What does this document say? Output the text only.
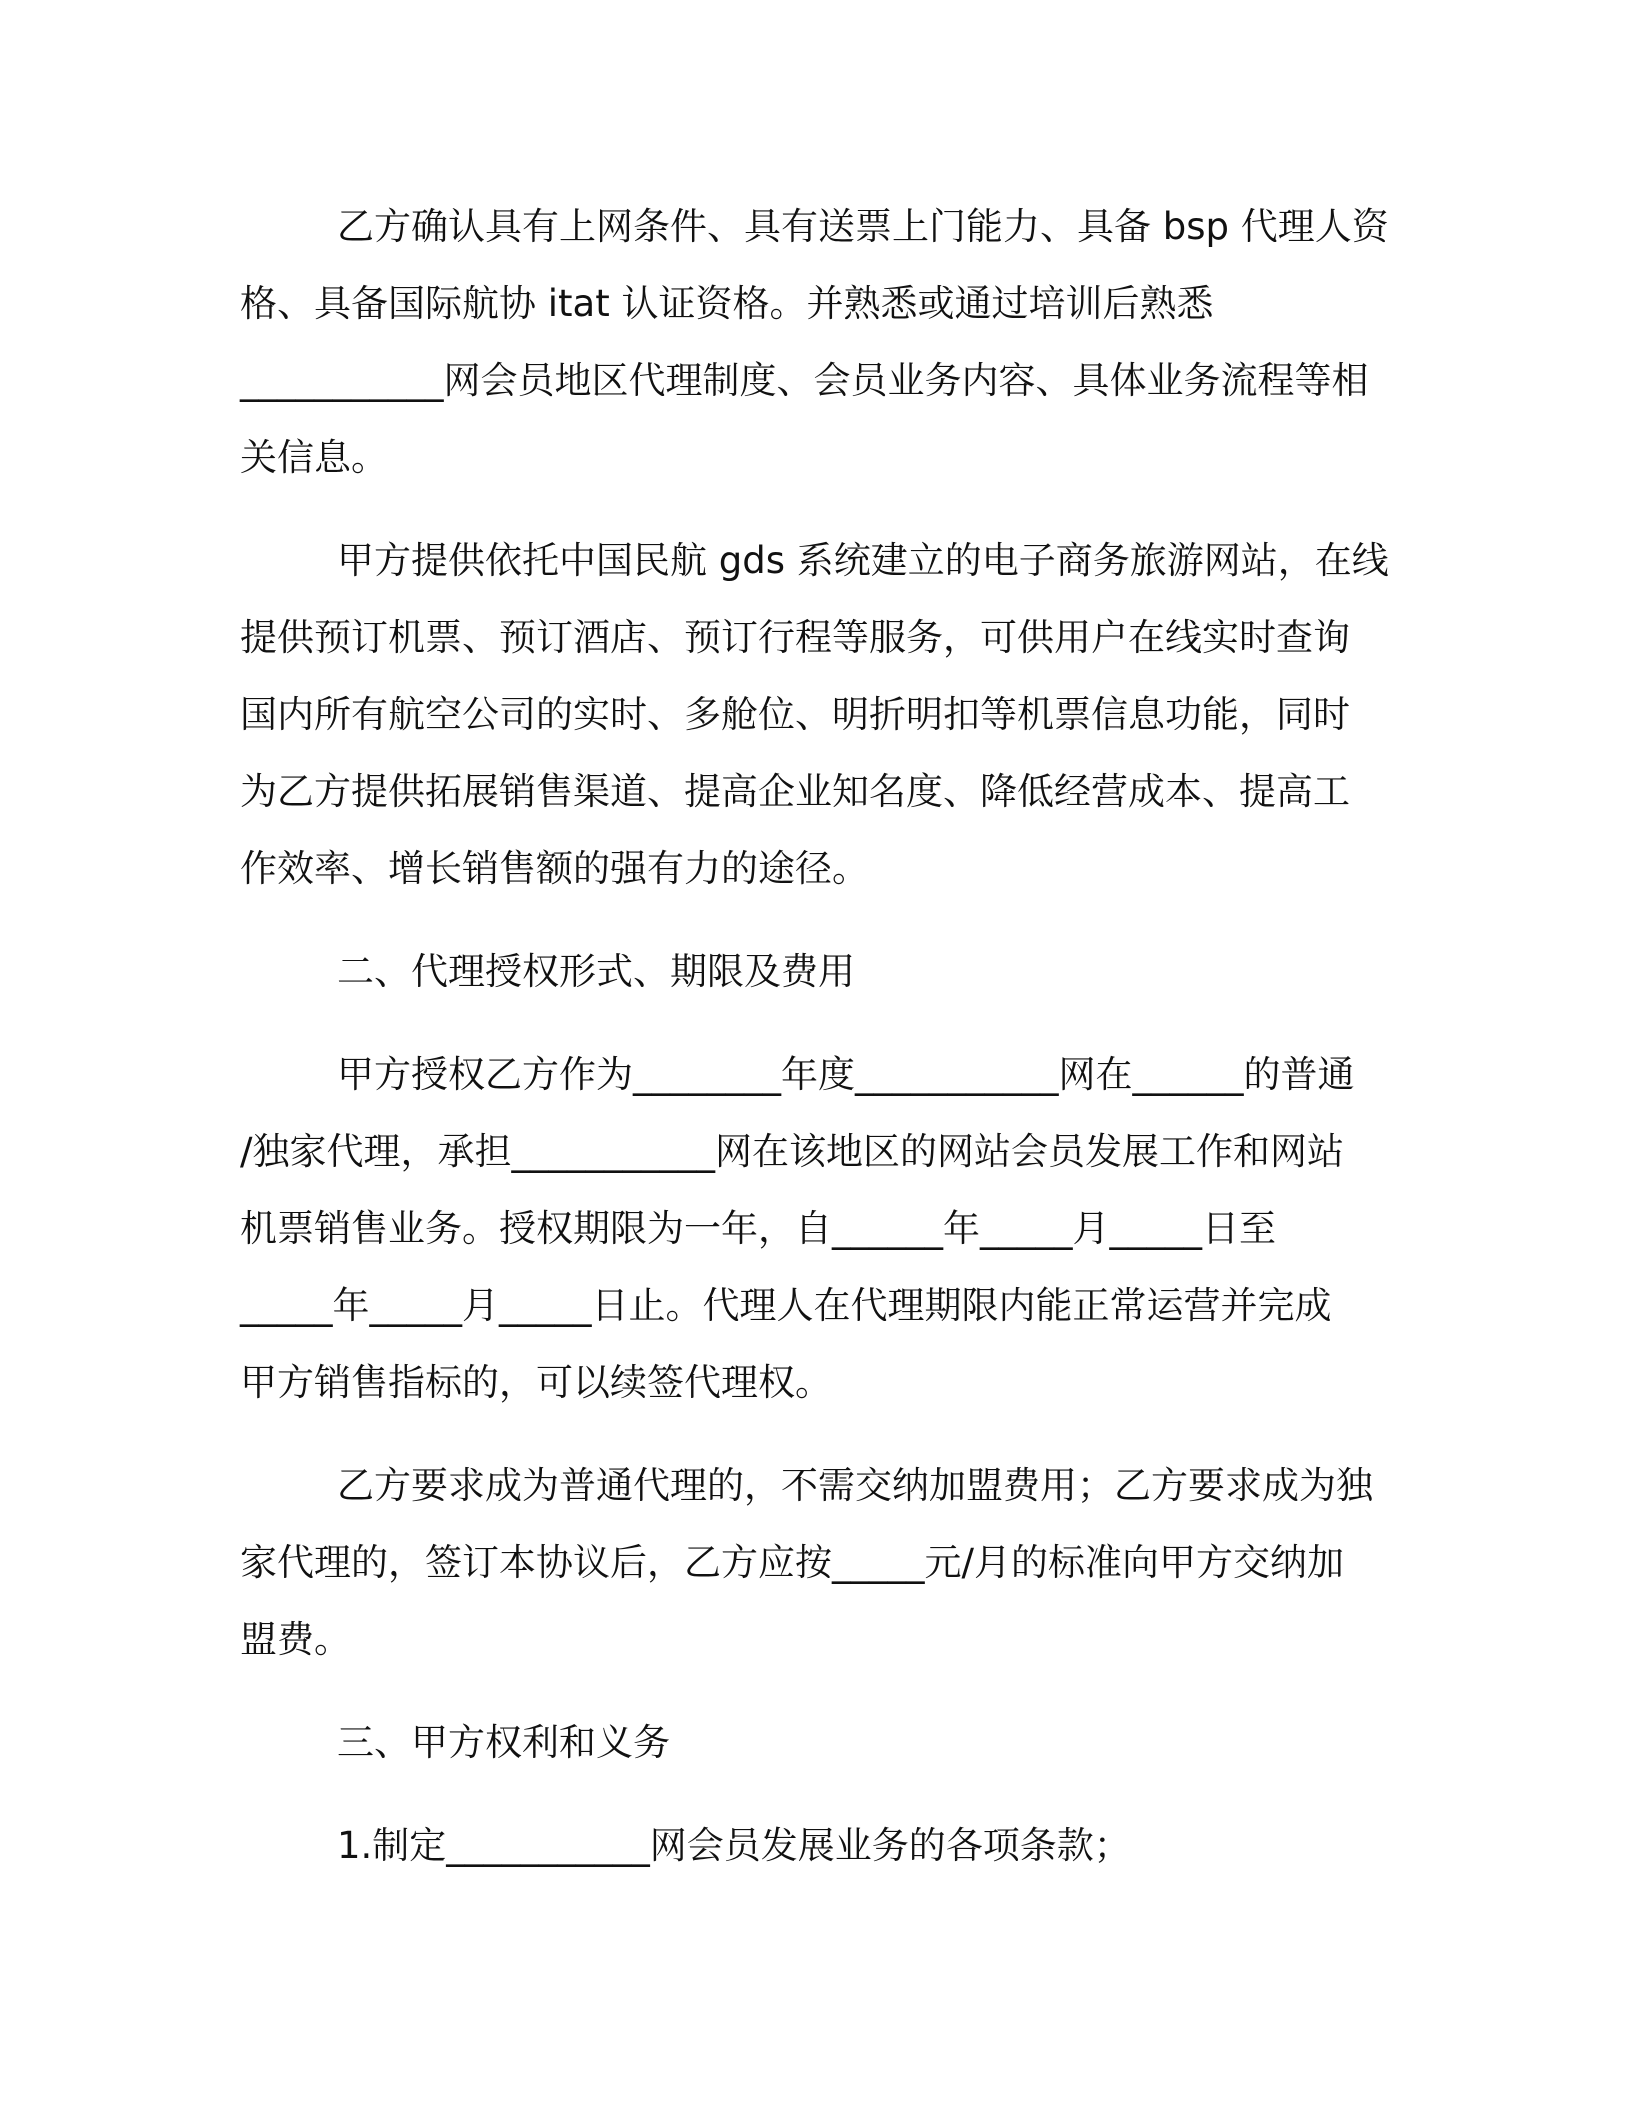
乙方确认具有上网条件、具有送票上门能力、具备 bsp 代理人资
格、具备国际航协 itat 认证资格。并熟悉或通过培训后熟悉
___________网会员地区代理制度、会员业务内容、具体业务流程等相
关信息。
甲方提供依托中国民航 gds 系统建立的电子商务旅游网站，在线
提供预订机票、预订酒店、预订行程等服务，可供用户在线实时查询
国内所有航空公司的实时、多舱位、明折明扣等机票信息功能，同时
为乙方提供拓展销售渠道、提高企业知名度、降低经营成本、提高工
作效率、增长销售额的强有力的途径。
二、代理授权形式、期限及费用
甲方授权乙方作为________年度___________网在______的普通
/独家代理，承担___________网在该地区的网站会员发展工作和网站
机票销售业务。授权期限为一年，自______年_____月_____日至
_____年_____月_____日止。代理人在代理期限内能正常运营并完成
甲方销售指标的，可以续签代理权。
乙方要求成为普通代理的，不需交纳加盟费用；乙方要求成为独
家代理的，签订本协议后，乙方应按_____元/月的标准向甲方交纳加
盟费。
三、甲方权利和义务
1.制定___________网会员发展业务的各项条款；
